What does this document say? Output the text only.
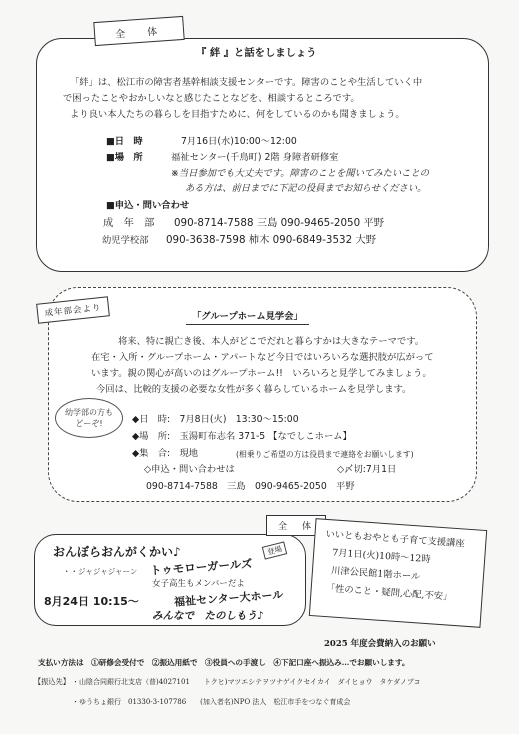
全　体
『 絆 』と話をしましょう
「絆」は、松江市の障害者基幹相談支援センターです。障害のことや生活していく中
で困ったことやおかしいなと感じたことなどを、相談するところです。
より良い本人たちの暮らしを目指すために、何をしているのかも聞きましょう。
■日　時	7月16日(水)10:00～12:00
■場　所	福祉センター(千鳥町) 2階 身障者研修室
※当日参加でも大丈夫です。障害のことを聞いてみたいことの
ある方は、前日までに下記の役員までお知らせください。
■申込・問い合わせ
成　年　部 090-8714-7588 三島 090-9465-2050 平野
幼児学校部 090-3638-7598 柿木 090-6849-3532 大野
成年部会より	「グループホーム見学会」
将来、特に親亡き後、本人がどこでだれと暮らすかは大きなテーマです。
在宅・入所・グループホーム・アパートなど今日ではいろいろな選択肢が広がって
います。親の関心が高いのはグループホーム!!　いろいろと見学してみましょう。
今回は、比較的支援の必要な女性が多く暮らしているホームを見学します。
幼学部の方も
どーぞ!	◆日　時:　7月8日(火)　13:30～15:00
◆場　所:　玉湯町布志名 371-5 【なでしこホーム】
◆集　合:　現地	(相乗りご希望の方は役員まで連絡をお願いします)
◇申込・問い合わせは	◇〆切:7月1日
090-8714-7588　三島　090-9465-2050　平野
全　体
おんぼらおんがくかい♪
・・ジャジャジャーン トゥモローガールズ
登場
女子高生もメンバーだよ
8月24日 10:15～	福祉センター大ホール
みんなで　たのしもう♪
いいともおやとも子育て支援講座
7月1日(火)10時～12時
川津公民館1階ホール
「性のこと・疑問,心配,不安」
2025 年度会費納入のお願い
支払い方法は　①研修会受付で　②振込用紙で　③役員への手渡し　④下記口座へ振込み…でお願いします。
【振込先】 ・山陰合同銀行北支店（普)4027101　　トクヒ)マツエシテヲツナゲイクセイカイ　ダイヒョウ　タケダノブコ
・ゆうちょ銀行　01330-3-107786　　(加入者名)NPO 法人　松江市手をつなぐ育成会
